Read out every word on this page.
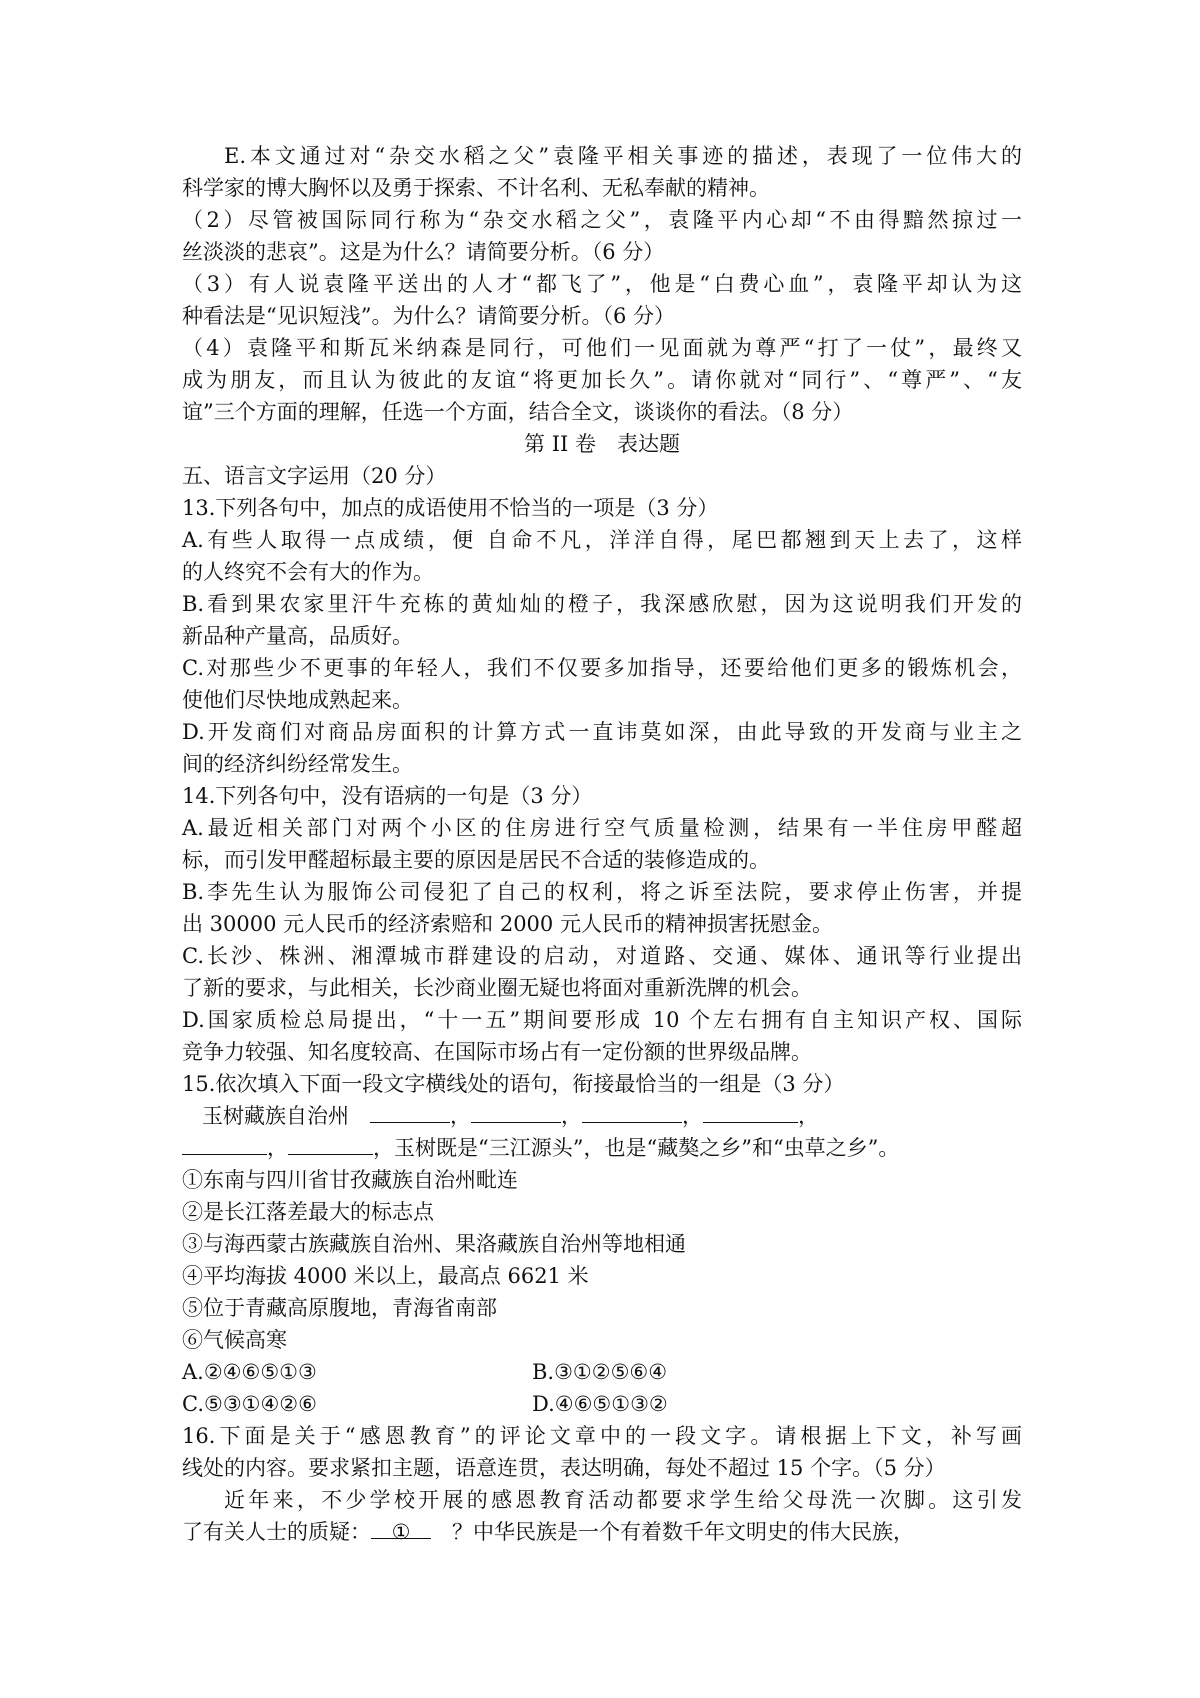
E.本文通过对“杂交水稻之父”袁隆平相关事迹的描述，表现了一位伟大的
科学家的博大胸怀以及勇于探索、不计名利、无私奉献的精神。
（2）尽管被国际同行称为“杂交水稻之父”，袁隆平内心却“不由得黯然掠过一
丝淡淡的悲哀”。这是为什么？请简要分析。（6 分）
（3）有人说袁隆平送出的人才“都飞了”，他是“白费心血”，袁隆平却认为这
种看法是“见识短浅”。为什么？请简要分析。（6 分）
（4）袁隆平和斯瓦米纳森是同行，可他们一见面就为尊严“打了一仗”，最终又
成为朋友，而且认为彼此的友谊“将更加长久”。请你就对“同行”、“尊严”、“友
谊”三个方面的理解，任选一个方面，结合全文，谈谈你的看法。（8 分）
第 II 卷　表达题
五、语言文字运用（20 分）
13.下列各句中，加点的成语使用不恰当的一项是（3 分）
A.有些人取得一点成绩，便 自命不凡，洋洋自得，尾巴都翘到天上去了，这样
的人终究不会有大的作为。
B.看到果农家里汗牛充栋的黄灿灿的橙子，我深感欣慰，因为这说明我们开发的
新品种产量高，品质好。
C.对那些少不更事的年轻人，我们不仅要多加指导，还要给他们更多的锻炼机会，
使他们尽快地成熟起来。
D.开发商们对商品房面积的计算方式一直讳莫如深，由此导致的开发商与业主之
间的经济纠纷经常发生。
14.下列各句中，没有语病的一句是（3 分）
A.最近相关部门对两个小区的住房进行空气质量检测，结果有一半住房甲醛超
标，而引发甲醛超标最主要的原因是居民不合适的装修造成的。
B.李先生认为服饰公司侵犯了自己的权利，将之诉至法院，要求停止伤害，并提
出 30000 元人民币的经济索赔和 2000 元人民币的精神损害抚慰金。
C.长沙、株洲、湘潭城市群建设的启动，对道路、交通、媒体、通讯等行业提出
了新的要求，与此相关，长沙商业圈无疑也将面对重新洗牌的机会。
D.国家质检总局提出，“十一五”期间要形成 10 个左右拥有自主知识产权、国际
竞争力较强、知名度较高、在国际市场占有一定份额的世界级品牌。
15.依次填入下面一段文字横线处的语句，衔接最恰当的一组是（3 分）
玉树藏族自治州　	，	，	，	，
，	，玉树既是“三江源头”，也是“藏獒之乡”和“虫草之乡”。
①东南与四川省甘孜藏族自治州毗连
②是长江落差最大的标志点
③与海西蒙古族藏族自治州、果洛藏族自治州等地相通
④平均海拔 4000 米以上，最高点 6621 米
⑤位于青藏高原腹地，青海省南部
⑥气候高寒
A.②④⑥⑤①③	B.③①②⑤⑥④
C.⑤③①④②⑥	D.④⑥⑤①③②
16.下面是关于“感恩教育”的评论文章中的一段文字。请根据上下文，补写画
线处的内容。要求紧扣主题，语意连贯，表达明确，每处不超过 15 个字。（5 分）
近年来，不少学校开展的感恩教育活动都要求学生给父母洗一次脚。这引发
了有关人士的质疑： ①　 ？中华民族是一个有着数千年文明史的伟大民族，
